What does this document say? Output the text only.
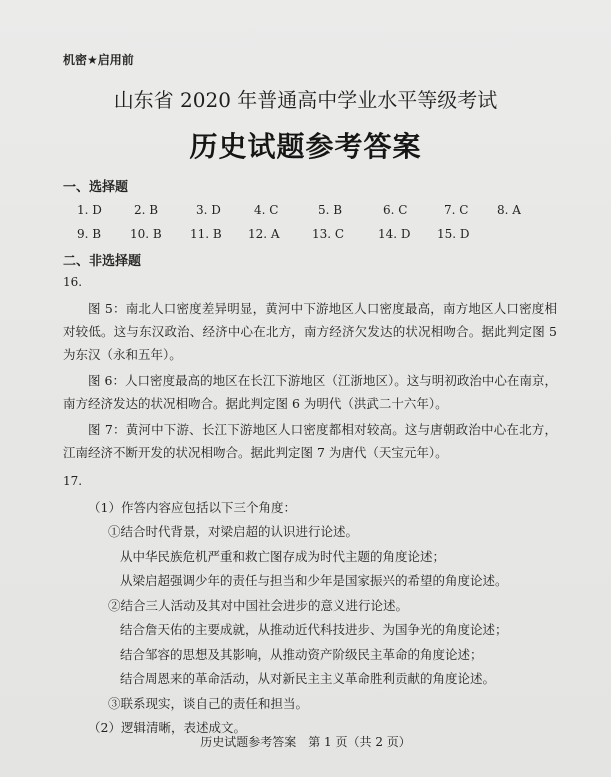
机密★启用前
山东省 2020 年普通高中学业水平等级考试
历史试题参考答案
一、选择题
1. D	2. B	3. D	4. C	5. B	6. C	7. C 8. A
9. B 10. B 11. B 12. A	13. C	14. D 15. D
二、非选择题
16.
图 5：南北人口密度差异明显，黄河中下游地区人口密度最高，南方地区人口密度相对较低。这与东汉政治、经济中心在北方，南方经济欠发达的状况相吻合。据此判定图 5 为东汉（永和五年）。
图 6：人口密度最高的地区在长江下游地区（江浙地区）。这与明初政治中心在南京，南方经济发达的状况相吻合。据此判定图 6 为明代（洪武二十六年）。
图 7：黄河中下游、长江下游地区人口密度都相对较高。这与唐朝政治中心在北方，江南经济不断开发的状况相吻合。据此判定图 7 为唐代（天宝元年）。
17.
（1）作答内容应包括以下三个角度：
①结合时代背景，对梁启超的认识进行论述。
从中华民族危机严重和救亡图存成为时代主题的角度论述；
从梁启超强调少年的责任与担当和少年是国家振兴的希望的角度论述。
②结合三人活动及其对中国社会进步的意义进行论述。
结合詹天佑的主要成就，从推动近代科技进步、为国争光的角度论述；
结合邹容的思想及其影响，从推动资产阶级民主革命的角度论述；
结合周恩来的革命活动，从对新民主主义革命胜利贡献的角度论述。
③联系现实，谈自己的责任和担当。
（2）逻辑清晰，表述成文。
历史试题参考答案　第 1 页（共 2 页）
